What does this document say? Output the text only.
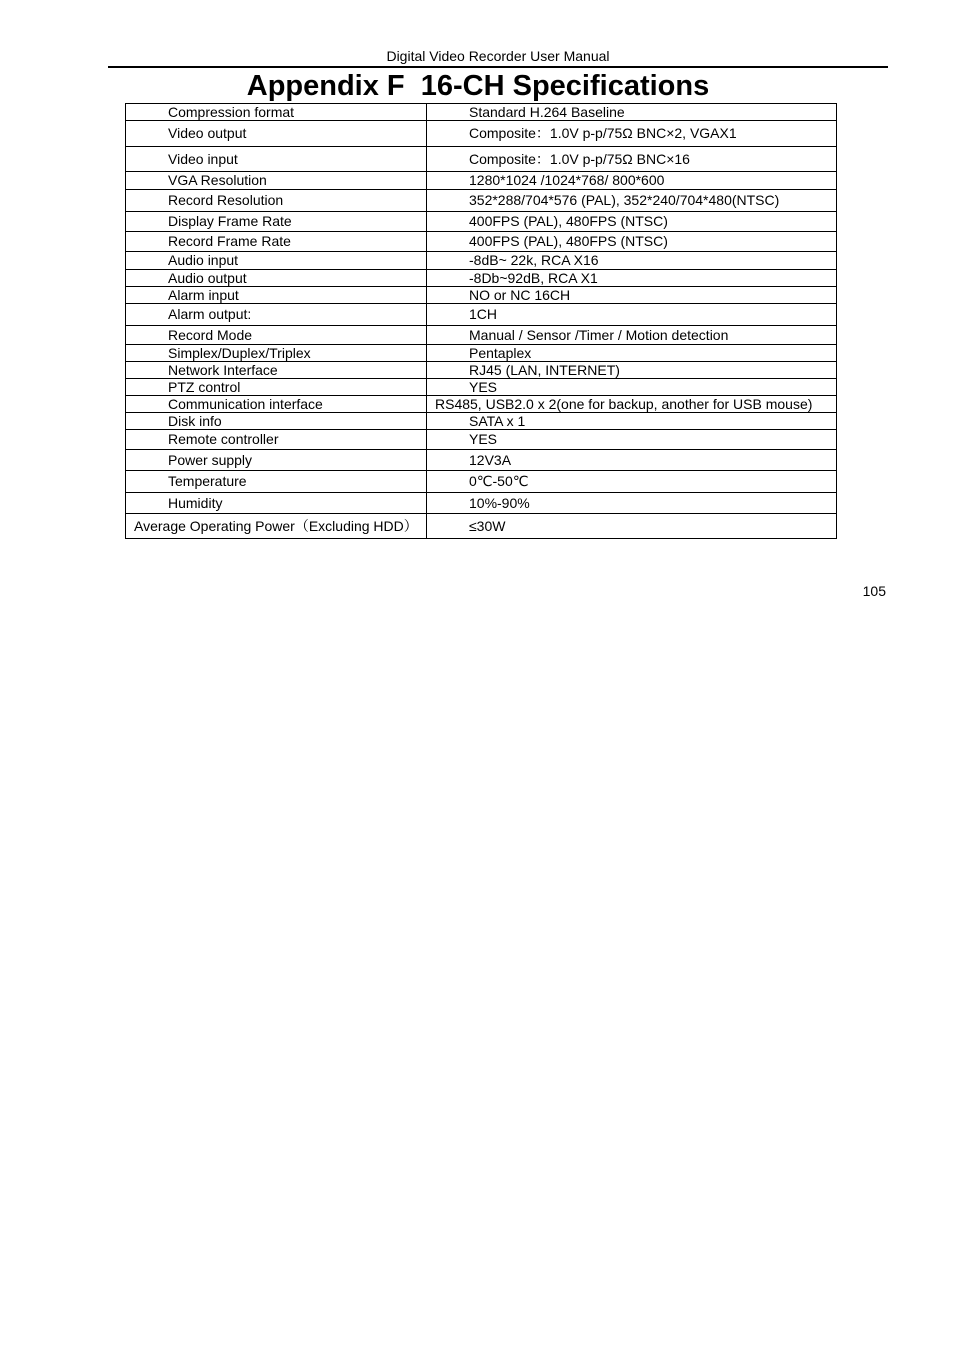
Digital Video Recorder User Manual
Appendix F  16-CH Specifications
Compression format	Standard H.264 Baseline
Video output	Composite：1.0V p-p/75Ω BNC×2, VGAX1
Video input	Composite：1.0V p-p/75Ω BNC×16
VGA Resolution	1280*1024 /1024*768/ 800*600
Record Resolution	352*288/704*576 (PAL), 352*240/704*480(NTSC)
Display Frame Rate	400FPS (PAL), 480FPS (NTSC)
Record Frame Rate	400FPS (PAL), 480FPS (NTSC)
Audio input	-8dB~ 22k, RCA X16
Audio output	-8Db~92dB, RCA X1
Alarm input	NO or NC 16CH
Alarm output:	1CH
Record Mode	Manual / Sensor /Timer / Motion detection
Simplex/Duplex/Triplex	Pentaplex
Network Interface	RJ45 (LAN, INTERNET)
PTZ control	YES
Communication interface	RS485, USB2.0 x 2(one for backup, another for USB mouse)
Disk info	SATA x 1
Remote controller	YES
Power supply	12V3A
Temperature	0℃-50℃
Humidity	10%-90%
Average Operating Power（Excluding HDD）	≤30W
105
